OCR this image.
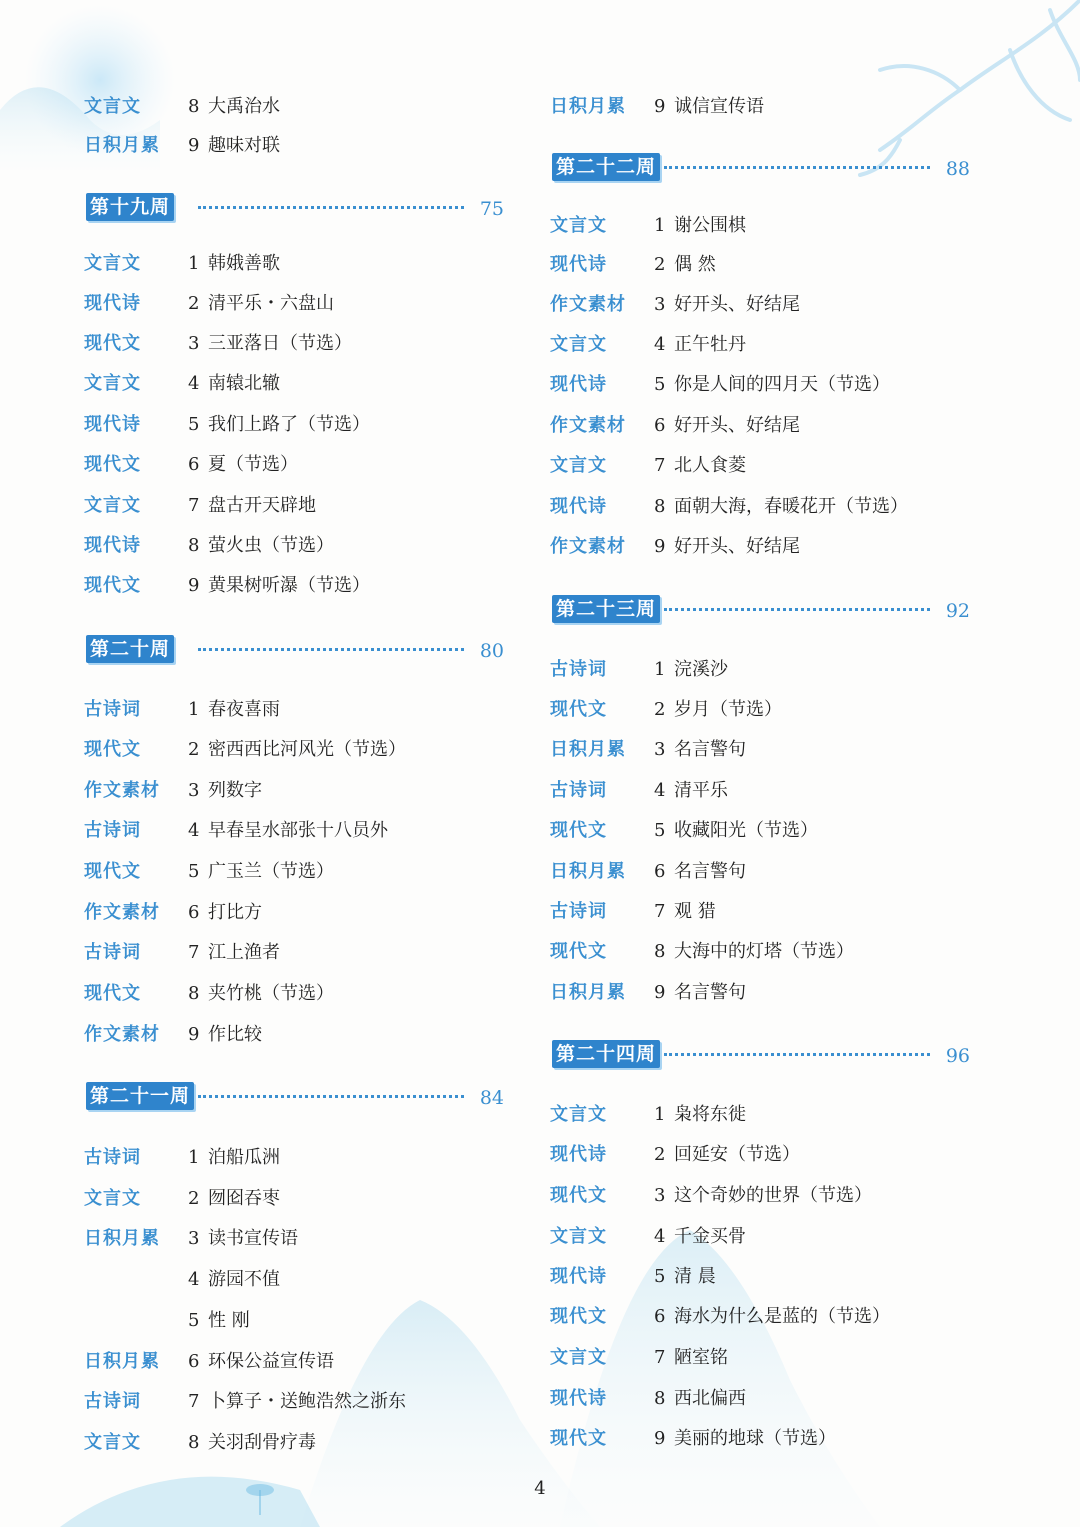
文言文	8 大禹治水
日积月累 9 趣味对联
第十九周	75
文言文	1 韩娥善歌
现代诗	2 清平乐・六盘山
现代文	3 三亚落日（节选）
文言文	4 南辕北辙
现代诗	5 我们上路了（节选）
现代文	6 夏（节选）
文言文	7 盘古开天辟地
现代诗	8 萤火虫（节选）
现代文	9 黄果树听瀑（节选）
第二十周	80
古诗词	1 春夜喜雨
现代文	2 密西西比河风光（节选）
作文素材 3 列数字
古诗词	4 早春呈水部张十八员外
现代文	5 广玉兰（节选）
作文素材 6 打比方
古诗词	7 江上渔者
现代文	8 夹竹桃（节选）
作文素材 9 作比较
第二十一周	84
古诗词	1 泊船瓜洲
文言文	2 囫囵吞枣
日积月累 3 读书宣传语
4 游园不值
5 性 刚
日积月累 6 环保公益宣传语
古诗词	7 卜算子・送鲍浩然之浙东
文言文	8 关羽刮骨疗毒
日积月累 9 诚信宣传语
第二十二周	88
文言文	1 谢公围棋
现代诗	2 偶 然
作文素材 3 好开头、好结尾
文言文	4 正午牡丹
现代诗	5 你是人间的四月天（节选）
作文素材 6 好开头、好结尾
文言文	7 北人食菱
现代诗	8 面朝大海，春暖花开（节选）
作文素材 9 好开头、好结尾
第二十三周	92
古诗词	1 浣溪沙
现代文	2 岁月（节选）
日积月累 3 名言警句
古诗词	4 清平乐
现代文	5 收藏阳光（节选）
日积月累 6 名言警句
古诗词	7 观 猎
现代文	8 大海中的灯塔（节选）
日积月累 9 名言警句
第二十四周	96
文言文	1 枭将东徙
现代诗	2 回延安（节选）
现代文	3 这个奇妙的世界（节选）
文言文	4 千金买骨
现代诗	5 清 晨
现代文	6 海水为什么是蓝的（节选）
文言文	7 陋室铭
现代诗	8 西北偏西
现代文	9 美丽的地球（节选）
4
